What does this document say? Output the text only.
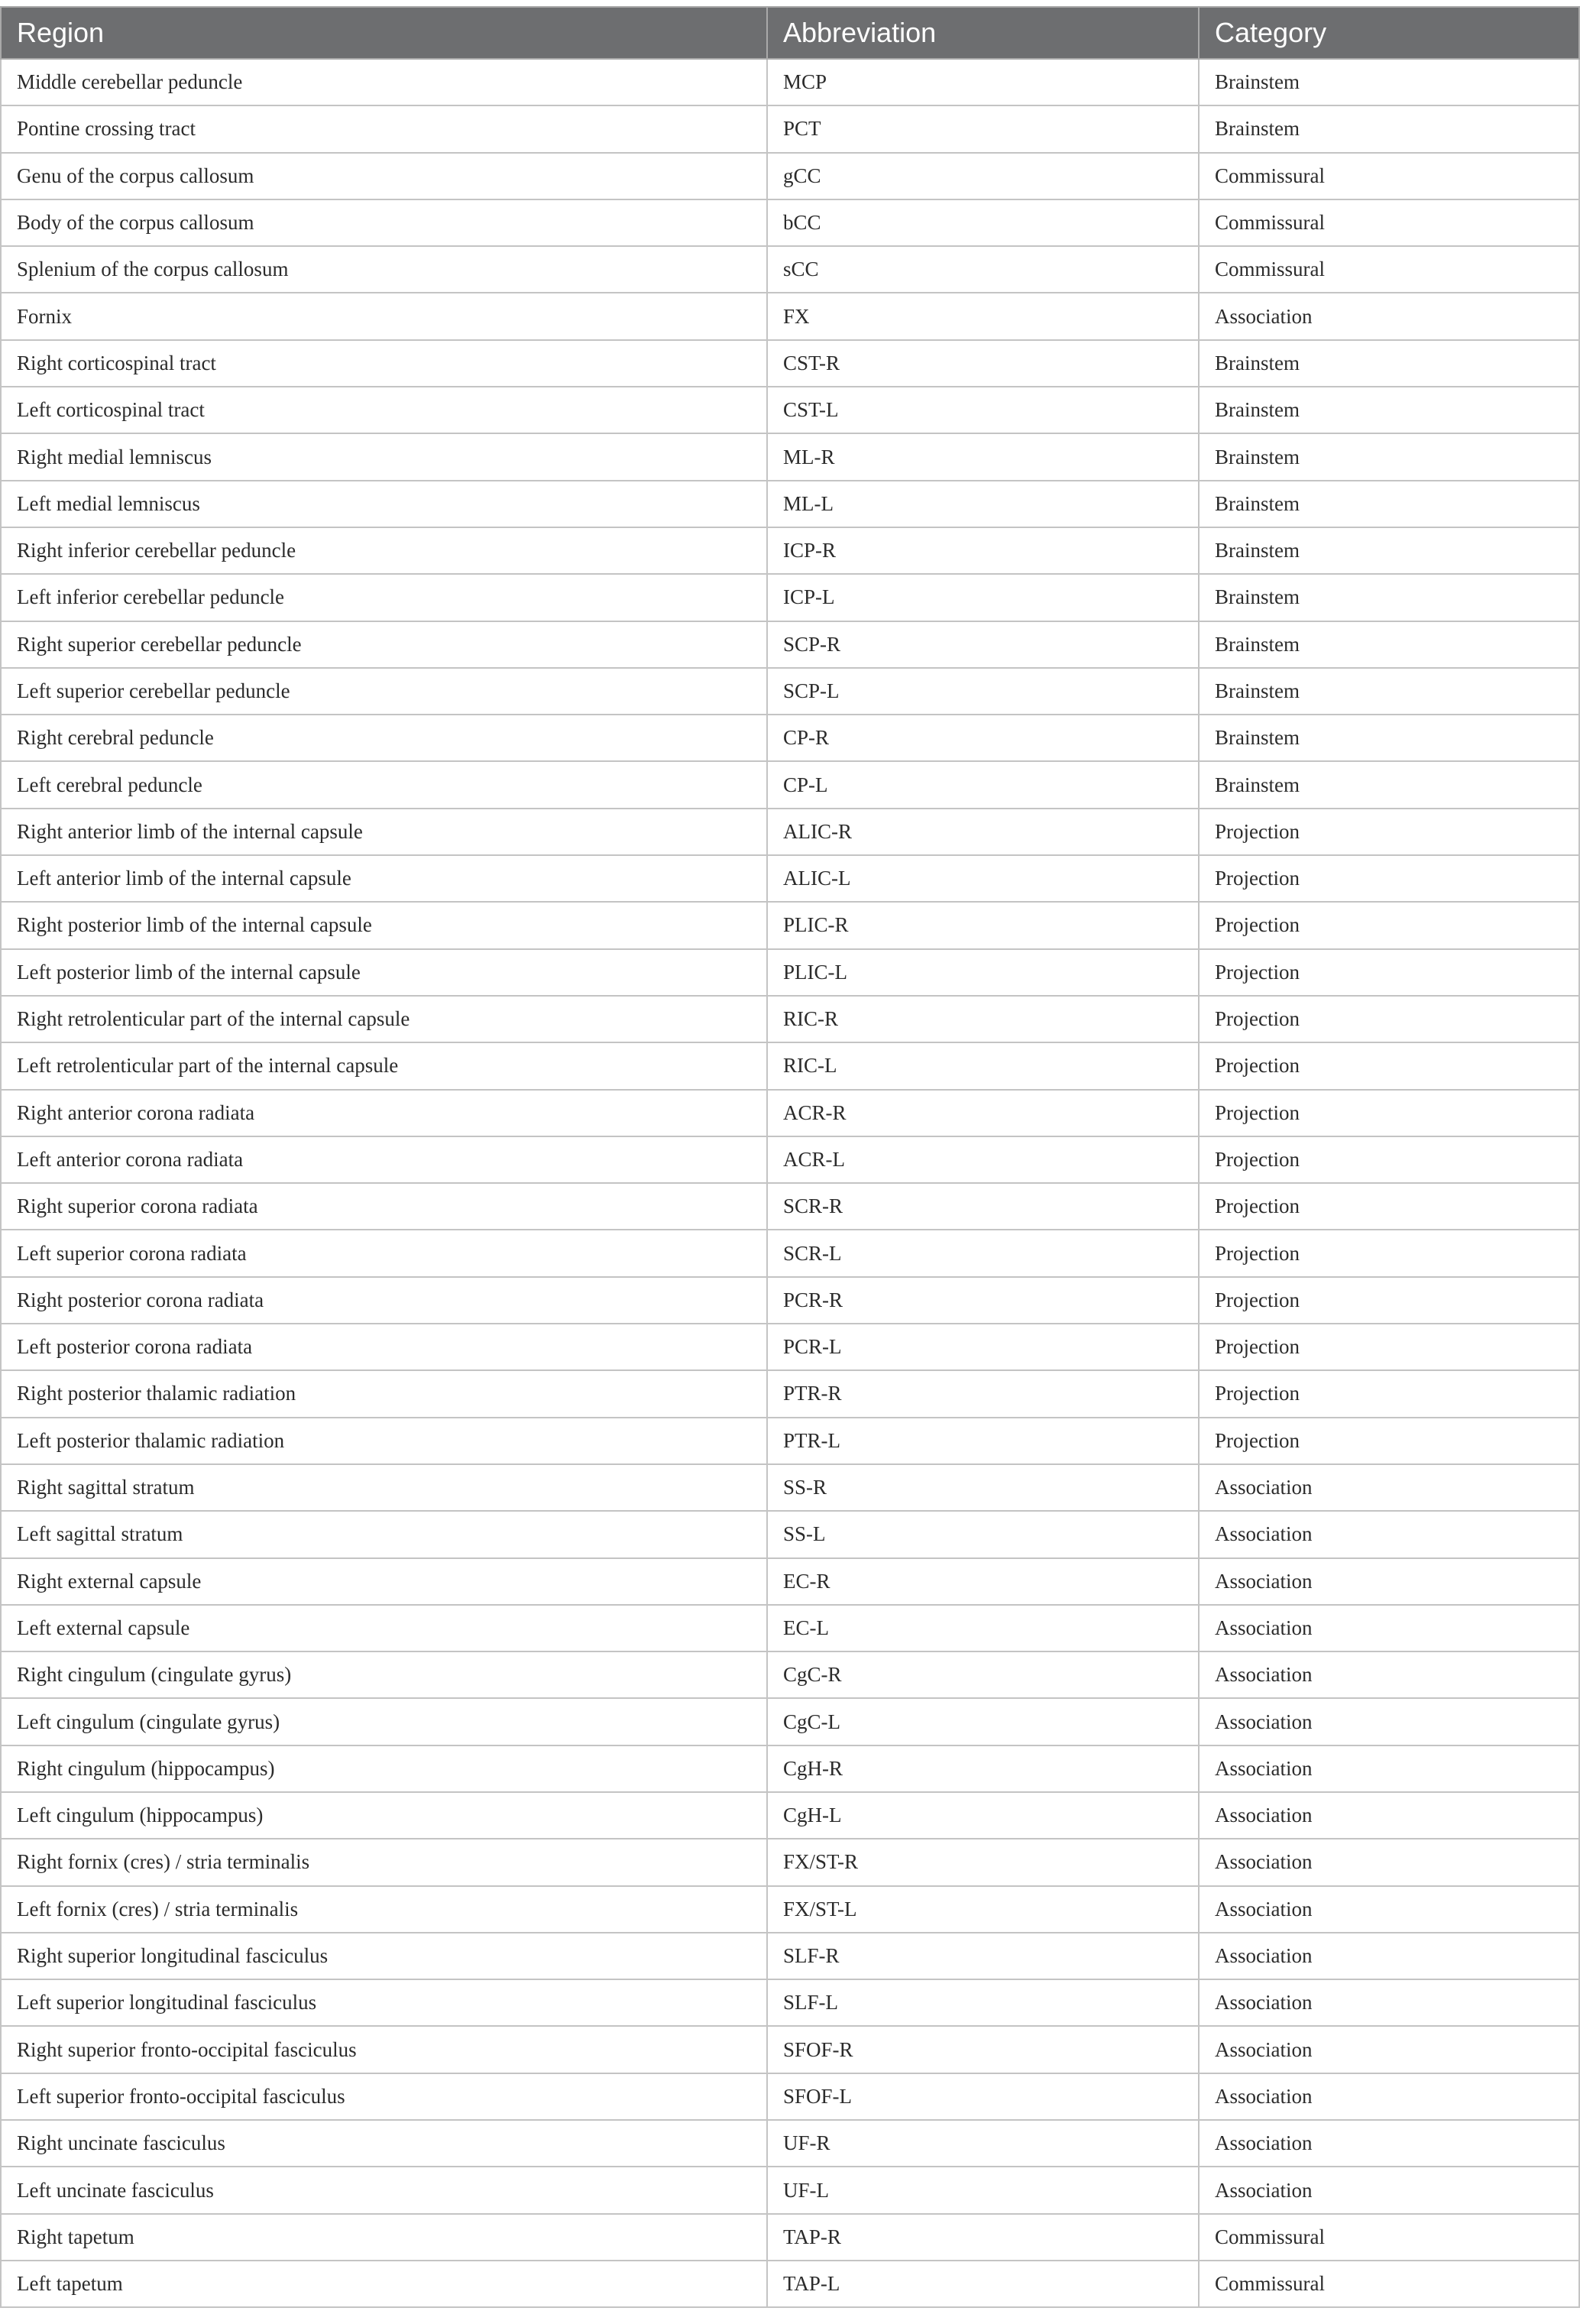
Region	Abbreviation	Category
Middle cerebellar peduncle	MCP	Brainstem
Pontine crossing tract	PCT	Brainstem
Genu of the corpus callosum	gCC	Commissural
Body of the corpus callosum	bCC	Commissural
Splenium of the corpus callosum	sCC	Commissural
Fornix	FX	Association
Right corticospinal tract	CST-R	Brainstem
Left corticospinal tract	CST-L	Brainstem
Right medial lemniscus	ML-R	Brainstem
Left medial lemniscus	ML-L	Brainstem
Right inferior cerebellar peduncle	ICP-R	Brainstem
Left inferior cerebellar peduncle	ICP-L	Brainstem
Right superior cerebellar peduncle	SCP-R	Brainstem
Left superior cerebellar peduncle	SCP-L	Brainstem
Right cerebral peduncle	CP-R	Brainstem
Left cerebral peduncle	CP-L	Brainstem
Right anterior limb of the internal capsule	ALIC-R	Projection
Left anterior limb of the internal capsule	ALIC-L	Projection
Right posterior limb of the internal capsule	PLIC-R	Projection
Left posterior limb of the internal capsule	PLIC-L	Projection
Right retrolenticular part of the internal capsule	RIC-R	Projection
Left retrolenticular part of the internal capsule	RIC-L	Projection
Right anterior corona radiata	ACR-R	Projection
Left anterior corona radiata	ACR-L	Projection
Right superior corona radiata	SCR-R	Projection
Left superior corona radiata	SCR-L	Projection
Right posterior corona radiata	PCR-R	Projection
Left posterior corona radiata	PCR-L	Projection
Right posterior thalamic radiation	PTR-R	Projection
Left posterior thalamic radiation	PTR-L	Projection
Right sagittal stratum	SS-R	Association
Left sagittal stratum	SS-L	Association
Right external capsule	EC-R	Association
Left external capsule	EC-L	Association
Right cingulum (cingulate gyrus)	CgC-R	Association
Left cingulum (cingulate gyrus)	CgC-L	Association
Right cingulum (hippocampus)	CgH-R	Association
Left cingulum (hippocampus)	CgH-L	Association
Right fornix (cres) / stria terminalis	FX/ST-R	Association
Left fornix (cres) / stria terminalis	FX/ST-L	Association
Right superior longitudinal fasciculus	SLF-R	Association
Left superior longitudinal fasciculus	SLF-L	Association
Right superior fronto-occipital fasciculus	SFOF-R	Association
Left superior fronto-occipital fasciculus	SFOF-L	Association
Right uncinate fasciculus	UF-R	Association
Left uncinate fasciculus	UF-L	Association
Right tapetum	TAP-R	Commissural
Left tapetum	TAP-L	Commissural
